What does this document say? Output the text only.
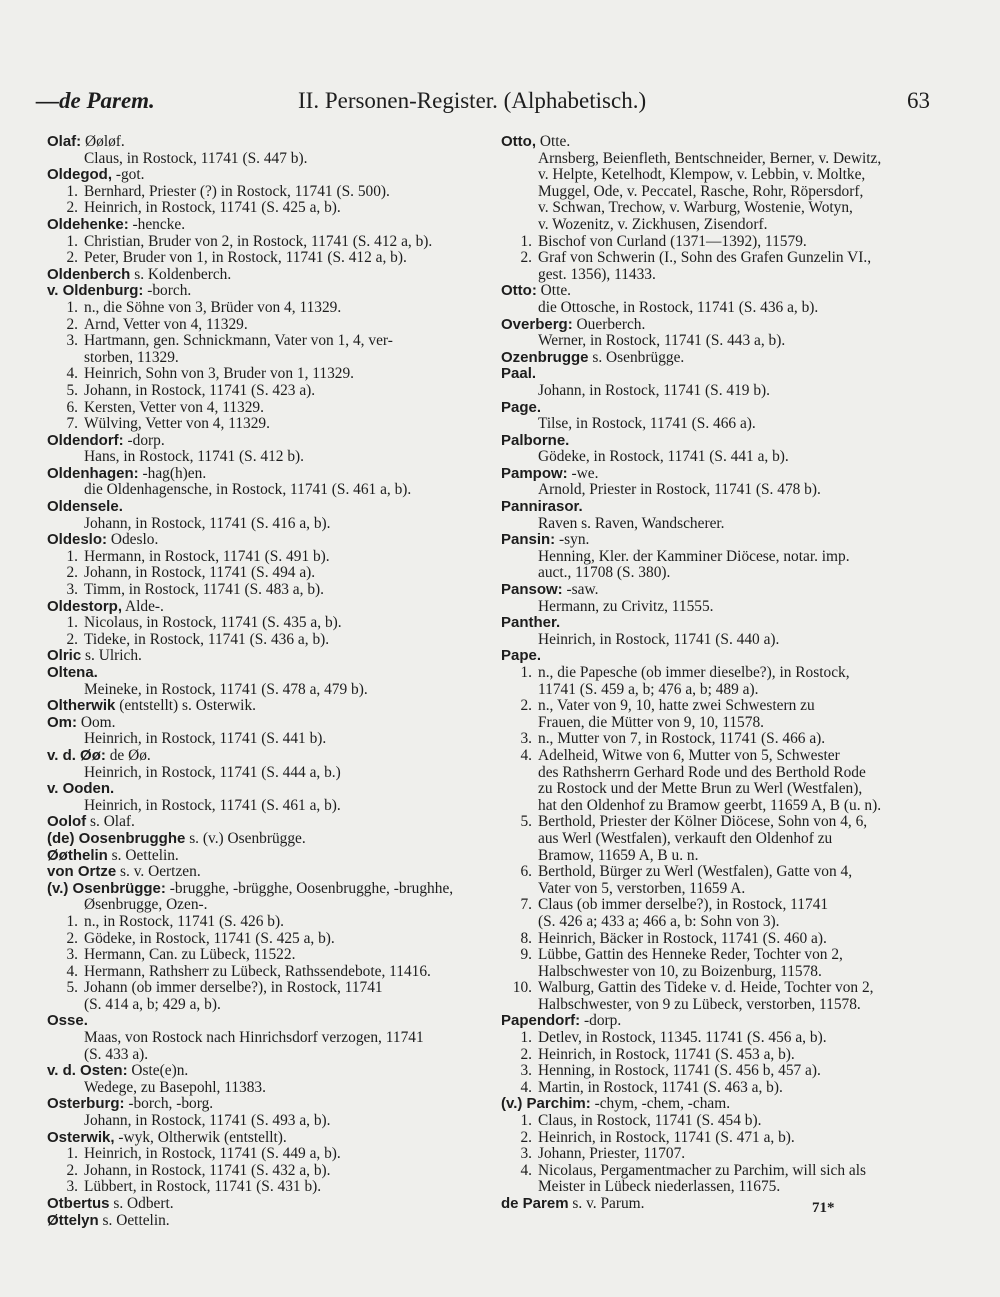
—de Parem.	II. Personen-Register. (Alphabetisch.)	63
Olaf: Øøløf.
Claus, in Rostock, 11741 (S. 447 b).
Oldegod, -got.
1. Bernhard, Priester (?) in Rostock, 11741 (S. 500).
2. Heinrich, in Rostock, 11741 (S. 425 a, b).
Oldehenke: -hencke.
1. Christian, Bruder von 2, in Rostock, 11741 (S. 412 a, b).
2. Peter, Bruder von 1, in Rostock, 11741 (S. 412 a, b).
Oldenberch s. Koldenberch.
v. Oldenburg: -borch.
1. n., die Söhne von 3, Brüder von 4, 11329.
2. Arnd, Vetter von 4, 11329.
3. Hartmann, gen. Schnickmann, Vater von 1, 4, ver-
storben, 11329.
4. Heinrich, Sohn von 3, Bruder von 1, 11329.
5. Johann, in Rostock, 11741 (S. 423 a).
6. Kersten, Vetter von 4, 11329.
7. Wülving, Vetter von 4, 11329.
Oldendorf: -dorp.
Hans, in Rostock, 11741 (S. 412 b).
Oldenhagen: -hag(h)en.
die Oldenhagensche, in Rostock, 11741 (S. 461 a, b).
Oldensele.
Johann, in Rostock, 11741 (S. 416 a, b).
Oldeslo: Odeslo.
1. Hermann, in Rostock, 11741 (S. 491 b).
2. Johann, in Rostock, 11741 (S. 494 a).
3. Timm, in Rostock, 11741 (S. 483 a, b).
Oldestorp, Alde-.
1. Nicolaus, in Rostock, 11741 (S. 435 a, b).
2. Tideke, in Rostock, 11741 (S. 436 a, b).
Olric s. Ulrich.
Oltena.
Meineke, in Rostock, 11741 (S. 478 a, 479 b).
Oltherwik (entstellt) s. Osterwik.
Om: Oom.
Heinrich, in Rostock, 11741 (S. 441 b).
v. d. Øø: de Øø.
Heinrich, in Rostock, 11741 (S. 444 a, b.)
v. Ooden.
Heinrich, in Rostock, 11741 (S. 461 a, b).
Oolof s. Olaf.
(de) Oosenbrugghe s. (v.) Osenbrügge.
Øøthelin s. Oettelin.
von Ortze s. v. Oertzen.
(v.) Osenbrügge: -brugghe, -brügghe, Oosenbrugghe, -brughhe,
Øsenbrugge, Ozen-.
1. n., in Rostock, 11741 (S. 426 b).
2. Gödeke, in Rostock, 11741 (S. 425 a, b).
3. Hermann, Can. zu Lübeck, 11522.
4. Hermann, Rathsherr zu Lübeck, Rathssendebote, 11416.
5. Johann (ob immer derselbe?), in Rostock, 11741
(S. 414 a, b; 429 a, b).
Osse.
Maas, von Rostock nach Hinrichsdorf verzogen, 11741
(S. 433 a).
v. d. Osten: Oste(e)n.
Wedege, zu Basepohl, 11383.
Osterburg: -borch, -borg.
Johann, in Rostock, 11741 (S. 493 a, b).
Osterwik, -wyk, Oltherwik (entstellt).
1. Heinrich, in Rostock, 11741 (S. 449 a, b).
2. Johann, in Rostock, 11741 (S. 432 a, b).
3. Lübbert, in Rostock, 11741 (S. 431 b).
Otbertus s. Odbert.
Øttelyn s. Oettelin.
Otto, Otte.
Arnsberg, Beienfleth, Bentschneider, Berner, v. Dewitz,
v. Helpte, Ketelhodt, Klempow, v. Lebbin, v. Moltke,
Muggel, Ode, v. Peccatel, Rasche, Rohr, Röpersdorf,
v. Schwan, Trechow, v. Warburg, Wostenie, Wotyn,
v. Wozenitz, v. Zickhusen, Zisendorf.
1. Bischof von Curland (1371—1392), 11579.
2. Graf von Schwerin (I., Sohn des Grafen Gunzelin VI.,
gest. 1356), 11433.
Otto: Otte.
die Ottosche, in Rostock, 11741 (S. 436 a, b).
Overberg: Ouerberch.
Werner, in Rostock, 11741 (S. 443 a, b).
Ozenbrugge s. Osenbrügge.
Paal.
Johann, in Rostock, 11741 (S. 419 b).
Page.
Tilse, in Rostock, 11741 (S. 466 a).
Palborne.
Gödeke, in Rostock, 11741 (S. 441 a, b).
Pampow: -we.
Arnold, Priester in Rostock, 11741 (S. 478 b).
Pannirasor.
Raven s. Raven, Wandscherer.
Pansin: -syn.
Henning, Kler. der Kamminer Diöcese, notar. imp.
auct., 11708 (S. 380).
Pansow: -saw.
Hermann, zu Crivitz, 11555.
Panther.
Heinrich, in Rostock, 11741 (S. 440 a).
Pape.
1. n., die Papesche (ob immer dieselbe?), in Rostock,
11741 (S. 459 a, b; 476 a, b; 489 a).
2. n., Vater von 9, 10, hatte zwei Schwestern zu
Frauen, die Mütter von 9, 10, 11578.
3. n., Mutter von 7, in Rostock, 11741 (S. 466 a).
4. Adelheid, Witwe von 6, Mutter von 5, Schwester
des Rathsherrn Gerhard Rode und des Berthold Rode
zu Rostock und der Mette Brun zu Werl (Westfalen),
hat den Oldenhof zu Bramow geerbt, 11659 A, B (u. n).
5. Berthold, Priester der Kölner Diöcese, Sohn von 4, 6,
aus Werl (Westfalen), verkauft den Oldenhof zu
Bramow, 11659 A, B u. n.
6. Berthold, Bürger zu Werl (Westfalen), Gatte von 4,
Vater von 5, verstorben, 11659 A.
7. Claus (ob immer derselbe?), in Rostock, 11741
(S. 426 a; 433 a; 466 a, b: Sohn von 3).
8. Heinrich, Bäcker in Rostock, 11741 (S. 460 a).
9. Lübbe, Gattin des Henneke Reder, Tochter von 2,
Halbschwester von 10, zu Boizenburg, 11578.
10. Walburg, Gattin des Tideke v. d. Heide, Tochter von 2,
Halbschwester, von 9 zu Lübeck, verstorben, 11578.
Papendorf: -dorp.
1. Detlev, in Rostock, 11345. 11741 (S. 456 a, b).
2. Heinrich, in Rostock, 11741 (S. 453 a, b).
3. Henning, in Rostock, 11741 (S. 456 b, 457 a).
4. Martin, in Rostock, 11741 (S. 463 a, b).
(v.) Parchim: -chym, -chem, -cham.
1. Claus, in Rostock, 11741 (S. 454 b).
2. Heinrich, in Rostock, 11741 (S. 471 a, b).
3. Johann, Priester, 11707.
4. Nicolaus, Pergamentmacher zu Parchim, will sich als
Meister in Lübeck niederlassen, 11675.
de Parem s. v. Parum.	71*
